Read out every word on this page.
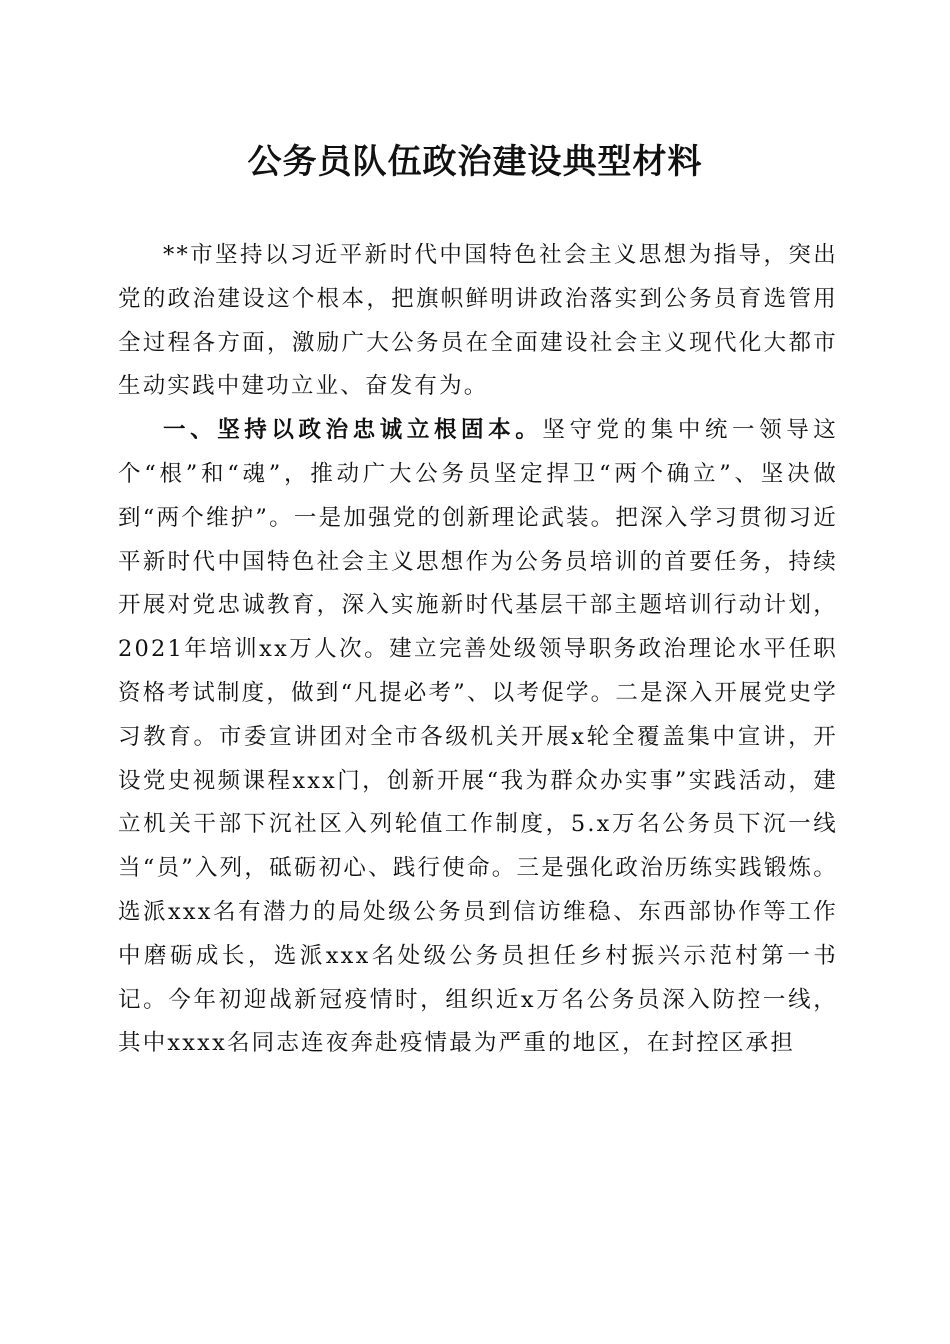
公务员队伍政治建设典型材料

**市坚持以习近平新时代中国特色社会主义思想为指导，突出党的政治建设这个根本，把旗帜鲜明讲政治落实到公务员育选管用全过程各方面，激励广大公务员在全面建设社会主义现代化大都市生动实践中建功立业、奋发有为。

一、坚持以政治忠诚立根固本。坚守党的集中统一领导这个“根”和“魂”，推动广大公务员坚定捍卫“两个确立”、坚决做到“两个维护”。一是加强党的创新理论武装。把深入学习贯彻习近平新时代中国特色社会主义思想作为公务员培训的首要任务，持续开展对党忠诚教育，深入实施新时代基层干部主题培训行动计划，2021年培训xx万人次。建立完善处级领导职务政治理论水平任职资格考试制度，做到“凡提必考”、以考促学。二是深入开展党史学习教育。市委宣讲团对全市各级机关开展x轮全覆盖集中宣讲，开设党史视频课程xxx门，创新开展“我为群众办实事”实践活动，建立机关干部下沉社区入列轮值工作制度，5.x万名公务员下沉一线当“员”入列，砥砺初心、践行使命。三是强化政治历练实践锻炼。选派xxx名有潜力的局处级公务员到信访维稳、东西部协作等工作中磨砺成长，选派xxx名处级公务员担任乡村振兴示范村第一书记。今年初迎战新冠疫情时，组织近x万名公务员深入防控一线，其中xxxx名同志连夜奔赴疫情最为严重的地区，在封控区承担
